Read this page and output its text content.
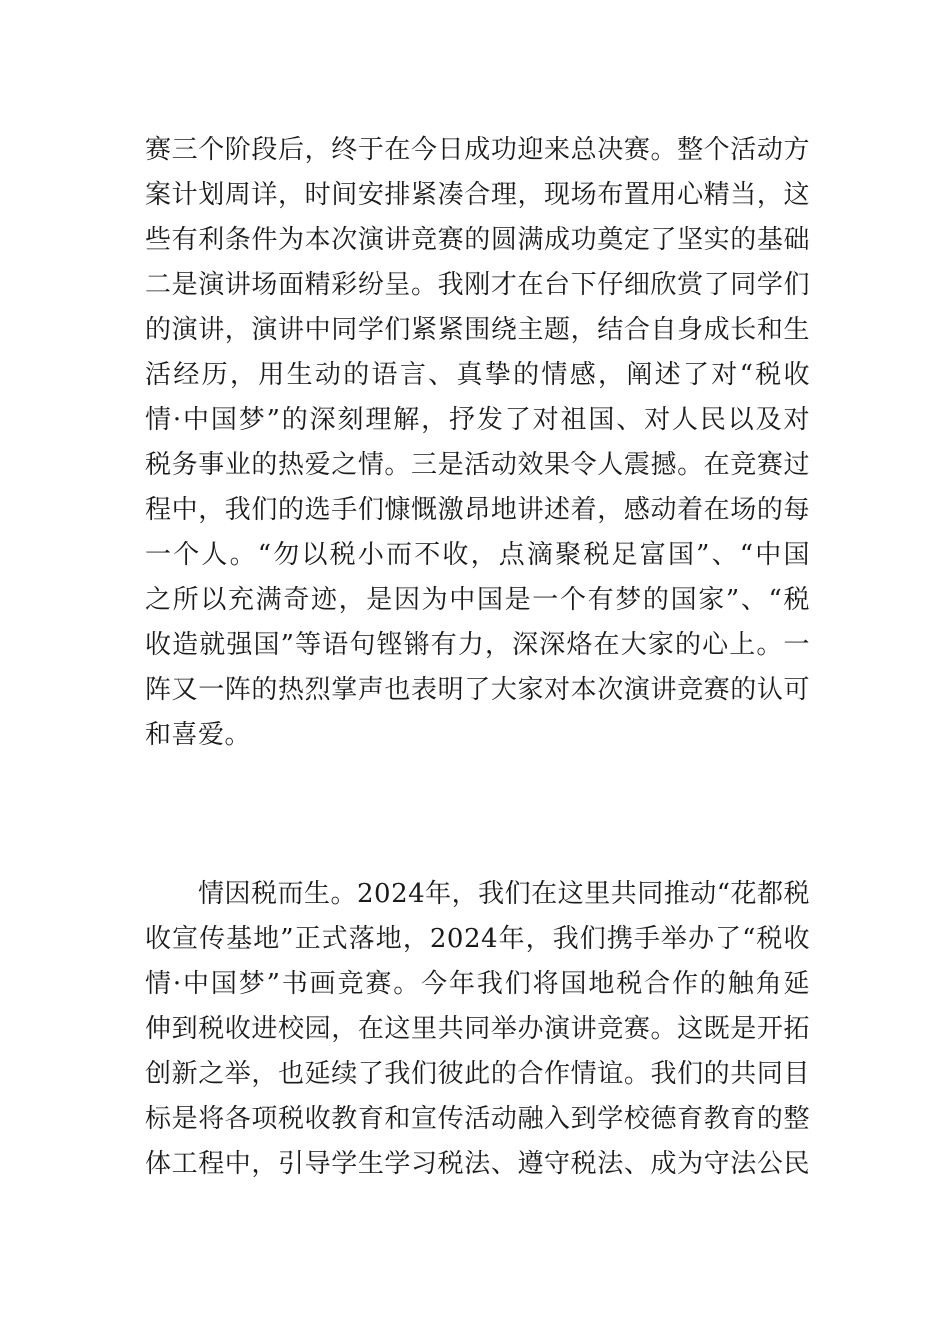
赛三个阶段后，终于在今日成功迎来总决赛。整个活动方
案计划周详，时间安排紧凑合理，现场布置用心精当，这
些有利条件为本次演讲竞赛的圆满成功奠定了坚实的基础
二是演讲场面精彩纷呈。我刚才在台下仔细欣赏了同学们
的演讲，演讲中同学们紧紧围绕主题，结合自身成长和生
活经历，用生动的语言、真挚的情感，阐述了对“税收
情·中国梦”的深刻理解，抒发了对祖国、对人民以及对
税务事业的热爱之情。三是活动效果令人震撼。在竞赛过
程中，我们的选手们慷慨激昂地讲述着，感动着在场的每
一个人。“勿以税小而不收，点滴聚税足富国”、“中国
之所以充满奇迹，是因为中国是一个有梦的国家”、“税
收造就强国”等语句铿锵有力，深深烙在大家的心上。一
阵又一阵的热烈掌声也表明了大家对本次演讲竞赛的认可
和喜爱。
　　情因税而生。2024年，我们在这里共同推动“花都税
收宣传基地”正式落地，2024年，我们携手举办了“税收
情·中国梦”书画竞赛。今年我们将国地税合作的触角延
伸到税收进校园，在这里共同举办演讲竞赛。这既是开拓
创新之举，也延续了我们彼此的合作情谊。我们的共同目
标是将各项税收教育和宣传活动融入到学校德育教育的整
体工程中，引导学生学习税法、遵守税法、成为守法公民
